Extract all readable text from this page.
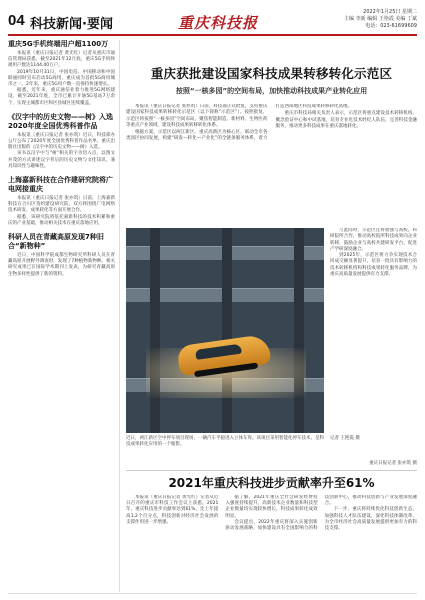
04 科技新闻·要闻	重庆科技报
2022年1月25日 星期二
主编 李新 编辑 王艳霞 美编 丁斌
电话：023-61699609
重庆5G手机终端用户超1100万

本报讯（重庆日报记者 黄光红）记者从重庆市通信管理局获悉，截至2021年12月底，重庆5G手机终端用户数达1144.40万户。

2019年10月31日，中国电信、中国移动和中国联通同时宣布启动5G商用，重庆成为首批5G商用城市之一。2年来，重庆5G用户数一直保持快速增长。

据悉，近年来，重庆通信业着力推进5G网络建设，截至2021年底，全市已累计开通5G基站7万余个，实现主城都市区和区县城区连续覆盖。

《汉字中的历史文物——树》入选2020年度全国优秀科普作品

本报讯（重庆日报记者 张亦筑）近日，科技部办公厅公布了2020年度全国优秀科普作品名单，重庆出版社出版的《汉字中的历史文物——树》入选。

该书以汉字中与“树”相关的字为切入点，以图文并茂的方式讲述汉字背后的历史文物与文化知识，兼具知识性与趣味性。

上海嘉新科技在合作建研究院将广电网接重庆

本报讯（重庆日报记者 张亦筑）日前，上海嘉新科技在合川区签约建设研究院，双方将围绕广电网络技术研发、成果转化等方面开展合作。

据悉，该研究院将依托嘉新科技的技术积累和重庆的产业基础，推动相关技术在重庆落地应用。

科研人员在青藏高原发现7种旧合“新物种”

近日，中国科学院成都生物研究所科研人员在青藏高原开展野外调查时，发现了7种植物新物种。相关研究成果已在国际学术期刊上发表，为研究青藏高原生物多样性提供了新的资料。

重庆获批建设国家科技成果转移转化示范区
按照“一核多园”的空间布局，加快推动科技成果产业转化应用

本报讯（重庆日报记者 张亦筑）日前，科技部正式批复，支持重庆建设国家科技成果转移转化示范区（以下简称“示范区”）。按照批复，示范区将按照“一核多园”空间布局，聚焦智能制造、新材料、生物医药等重点产业领域，建设科技成果转移转化体系。

根据方案，示范区以两江新区、重庆高新区为核心区，联动全市各类园区协同发展，构建“研发—转化—产业化”的全链条服务体系，着力打造西部地区科技成果转移转化高地。

重庆市科技局相关负责人表示，示范区将重点建设技术转移机构、概念验证中心和中试基地，培育专业化技术经纪人队伍，完善科技金融服务，推动更多科技成果在重庆落地转化。

与此同时，示范区还将加强与高校、科研院所合作，推动高校院所科技成果向企业转移，鼓励企业与高校共建研发平台，促进产学研深度融合。

到2025年，示范区将力争实现技术合同成交额显著提升，培育一批具有影响力的技术转移机构和科技成果转化服务品牌，为重庆高质量发展提供有力支撑。

近日，两江新区空中停车项目现场，一辆汽车平稳进入立体车库。该项目采用智能化停车技术，是科技成果转化应用的一个缩影。
记者 王艳霞 摄
重庆日报记者 张亦筑 摄
2021年重庆科技进步贡献率升至61%

本报讯（重庆日报记者 黄光红）记者从近日召开的重庆市科技工作会议上获悉，2021年，重庆科技进步贡献率达到61%，比上年提高1.2个百分点，科技创新对经济社会发展的支撑作用进一步增强。

据了解，2021年重庆全社会研发经费投入强度持续提升，高新技术企业数量和科技型企业数量均实现较快增长，科技成果转化成效明显。

会议提出，2022年重庆将深入实施创新驱动发展战略，加快建设具有全国影响力的科技创新中心，推动科技创新与产业发展深度融合。

下一步，重庆将持续优化科技创新生态，加强科技人才队伍建设，深化科技体制改革，为全市经济社会高质量发展提供更加有力的科技支撑。
